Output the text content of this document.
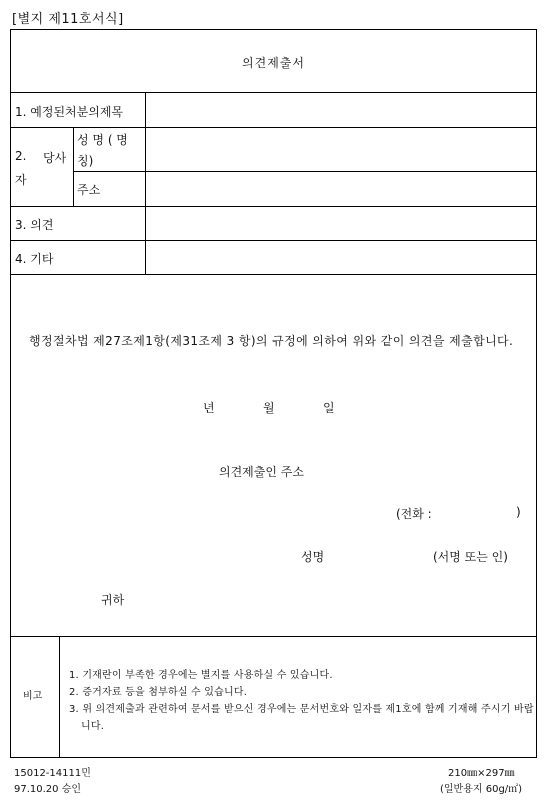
[별지 제11호서식]
의견제출서
1. 예정된처분의제목
2. 당사
자
성 명 ( 명
칭)
주소
3. 의견
4. 기타
행정절차법 제27조제1항(제31조제 3 항)의 규정에 의하여 위와 같이 의견을 제출합니다.
년	월	일
의견제출인 주소
(전화 :	)
성명	(서명 또는 인)
귀하
비고
1. 기재란이 부족한 경우에는 별지를 사용하실 수 있습니다.
2. 증거자료 등을 첨부하실 수 있습니다.
3. 위 의견제출과 관련하여 문서를 받으신 경우에는 문서번호와 일자를 제1호에 함께 기재해 주시기 바랍
니다.
15012-14111민
97.10.20 승인
210㎜×297㎜
(일반용지 60g/㎡)
